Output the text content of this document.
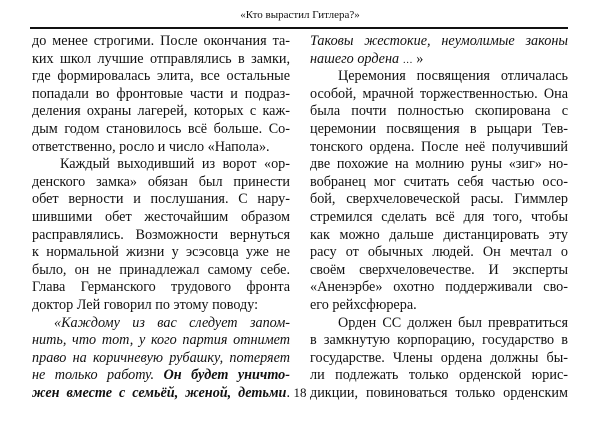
«Кто вырастил Гитлера?»
до менее строгими. После окончания та-
ких школ лучшие отправлялись в замки,
где формировалась элита, все остальные
попадали во фронтовые части и подраз-
деления охраны лагерей, которых с каж-
дым годом становилось всё больше. Со-
ответственно, росло и число «Напола».
Каждый выходивший из ворот «ор-
денского замка» обязан был принести
обет верности и послушания. С нару-
шившими обет жесточайшим образом
расправлялись. Возможности вернуться
к нормальной жизни у эсэсовца уже не
было, он не принадлежал самому себе.
Глава Германского трудового фронта
доктор Лей говорил по этому поводу:
«Каждому из вас следует запом-
нить, что тот, у кого партия отнимет
право на коричневую рубашку, потеряет
не только работу. Он будет уничто-
жен вместе с семьёй, женой, детьми.
Таковы жестокие, неумолимые законы
нашего ордена … »
Церемония посвящения отличалась
особой, мрачной торжественностью. Она
была почти полностью скопирована с
церемонии посвящения в рыцари Тев-
тонского ордена. После неё получивший
две похожие на молнию руны «зиг» но-
вобранец мог считать себя частью осо-
бой, сверхчеловеческой расы. Гиммлер
стремился сделать всё для того, чтобы
как можно дальше дистанцировать эту
расу от обычных людей. Он мечтал о
своём сверхчеловечестве. И эксперты
«Аненэрбе» охотно поддерживали сво-
его рейхсфюрера.
Орден СС должен был превратиться
в замкнутую корпорацию, государство в
государстве. Члены ордена должны бы-
ли подлежать только орденской юрис-
дикции, повиноваться только орденским
18
